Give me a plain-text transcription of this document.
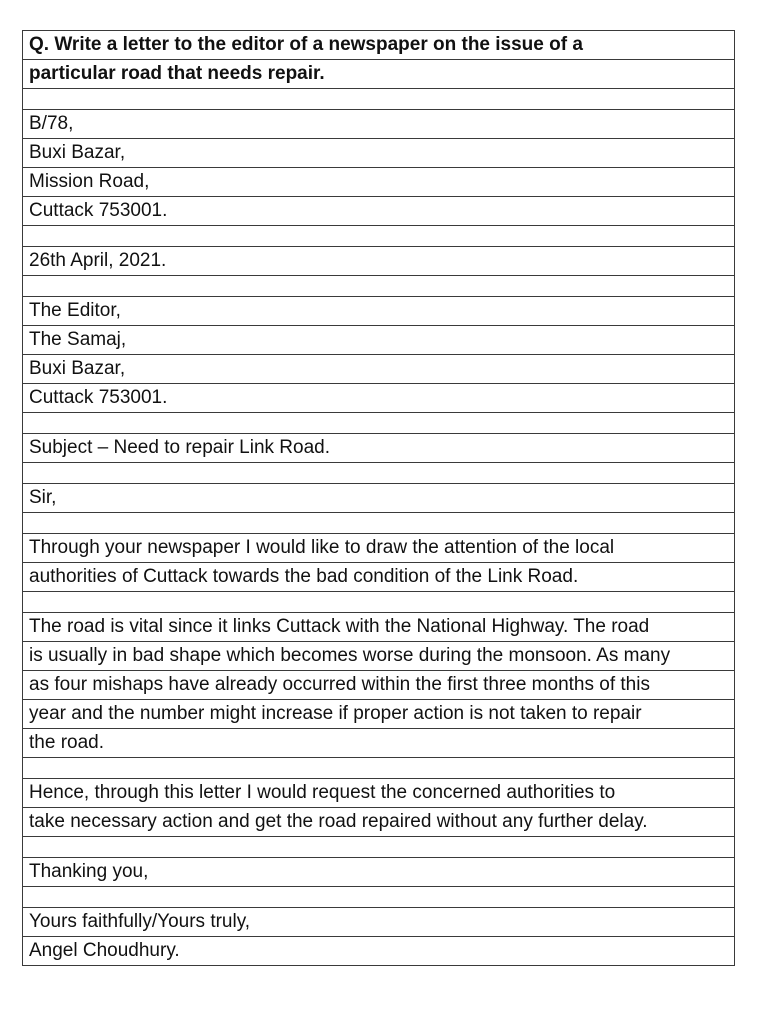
Q. Write a letter to the editor of a newspaper on the issue of a
particular road that needs repair.
B/78,
Buxi Bazar,
Mission Road,
Cuttack 753001.
26th April, 2021.
The Editor,
The Samaj,
Buxi Bazar,
Cuttack 753001.
Subject – Need to repair Link Road.
Sir,
Through your newspaper I would like to draw the attention of the local
authorities of Cuttack towards the bad condition of the Link Road.
The road is vital since it links Cuttack with the National Highway. The road
is usually in bad shape which becomes worse during the monsoon. As many
as four mishaps have already occurred within the first three months of this
year and the number might increase if proper action is not taken to repair
the road.
Hence, through this letter I would request the concerned authorities to
take necessary action and get the road repaired without any further delay.
Thanking you,
Yours faithfully/Yours truly,
Angel Choudhury.
